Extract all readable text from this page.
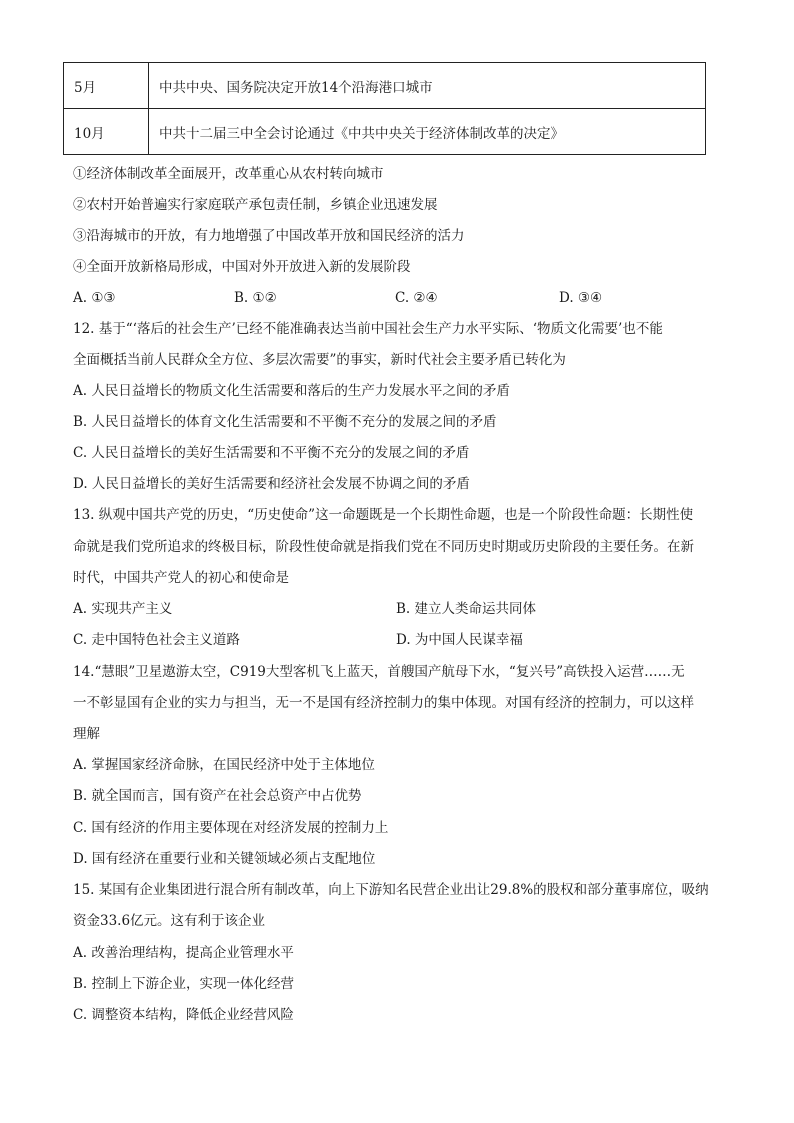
5月	中共中央、国务院决定开放14个沿海港口城市
10月	中共十二届三中全会讨论通过《中共中央关于经济体制改革的决定》
①经济体制改革全面展开，改革重心从农村转向城市
②农村开始普遍实行家庭联产承包责任制，乡镇企业迅速发展
③沿海城市的开放，有力地增强了中国改革开放和国民经济的活力
④全面开放新格局形成，中国对外开放进入新的发展阶段
A. ①③	B. ①②	C. ②④	D. ③④
12. 基于“‘落后的社会生产’已经不能准确表达当前中国社会生产力水平实际、‘物质文化需要’也不能
全面概括当前人民群众全方位、多层次需要”的事实，新时代社会主要矛盾已转化为
A. 人民日益增长的物质文化生活需要和落后的生产力发展水平之间的矛盾
B. 人民日益增长的体育文化生活需要和不平衡不充分的发展之间的矛盾
C. 人民日益增长的美好生活需要和不平衡不充分的发展之间的矛盾
D. 人民日益增长的美好生活需要和经济社会发展不协调之间的矛盾
13. 纵观中国共产党的历史，“历史使命”这一命题既是一个长期性命题，也是一个阶段性命题：长期性使
命就是我们党所追求的终极目标，阶段性使命就是指我们党在不同历史时期或历史阶段的主要任务。在新
时代，中国共产党人的初心和使命是
A. 实现共产主义	B. 建立人类命运共同体
C. 走中国特色社会主义道路	D. 为中国人民谋幸福
14.“慧眼”卫星遨游太空，C919大型客机飞上蓝天，首艘国产航母下水，“复兴号”高铁投入运营……无
一不彰显国有企业的实力与担当，无一不是国有经济控制力的集中体现。对国有经济的控制力，可以这样
理解
A. 掌握国家经济命脉，在国民经济中处于主体地位
B. 就全国而言，国有资产在社会总资产中占优势
C. 国有经济的作用主要体现在对经济发展的控制力上
D. 国有经济在重要行业和关键领域必须占支配地位
15. 某国有企业集团进行混合所有制改革，向上下游知名民营企业出让29.8%的股权和部分董事席位，吸纳
资金33.6亿元。这有利于该企业
A. 改善治理结构，提高企业管理水平
B. 控制上下游企业，实现一体化经营
C. 调整资本结构，降低企业经营风险
